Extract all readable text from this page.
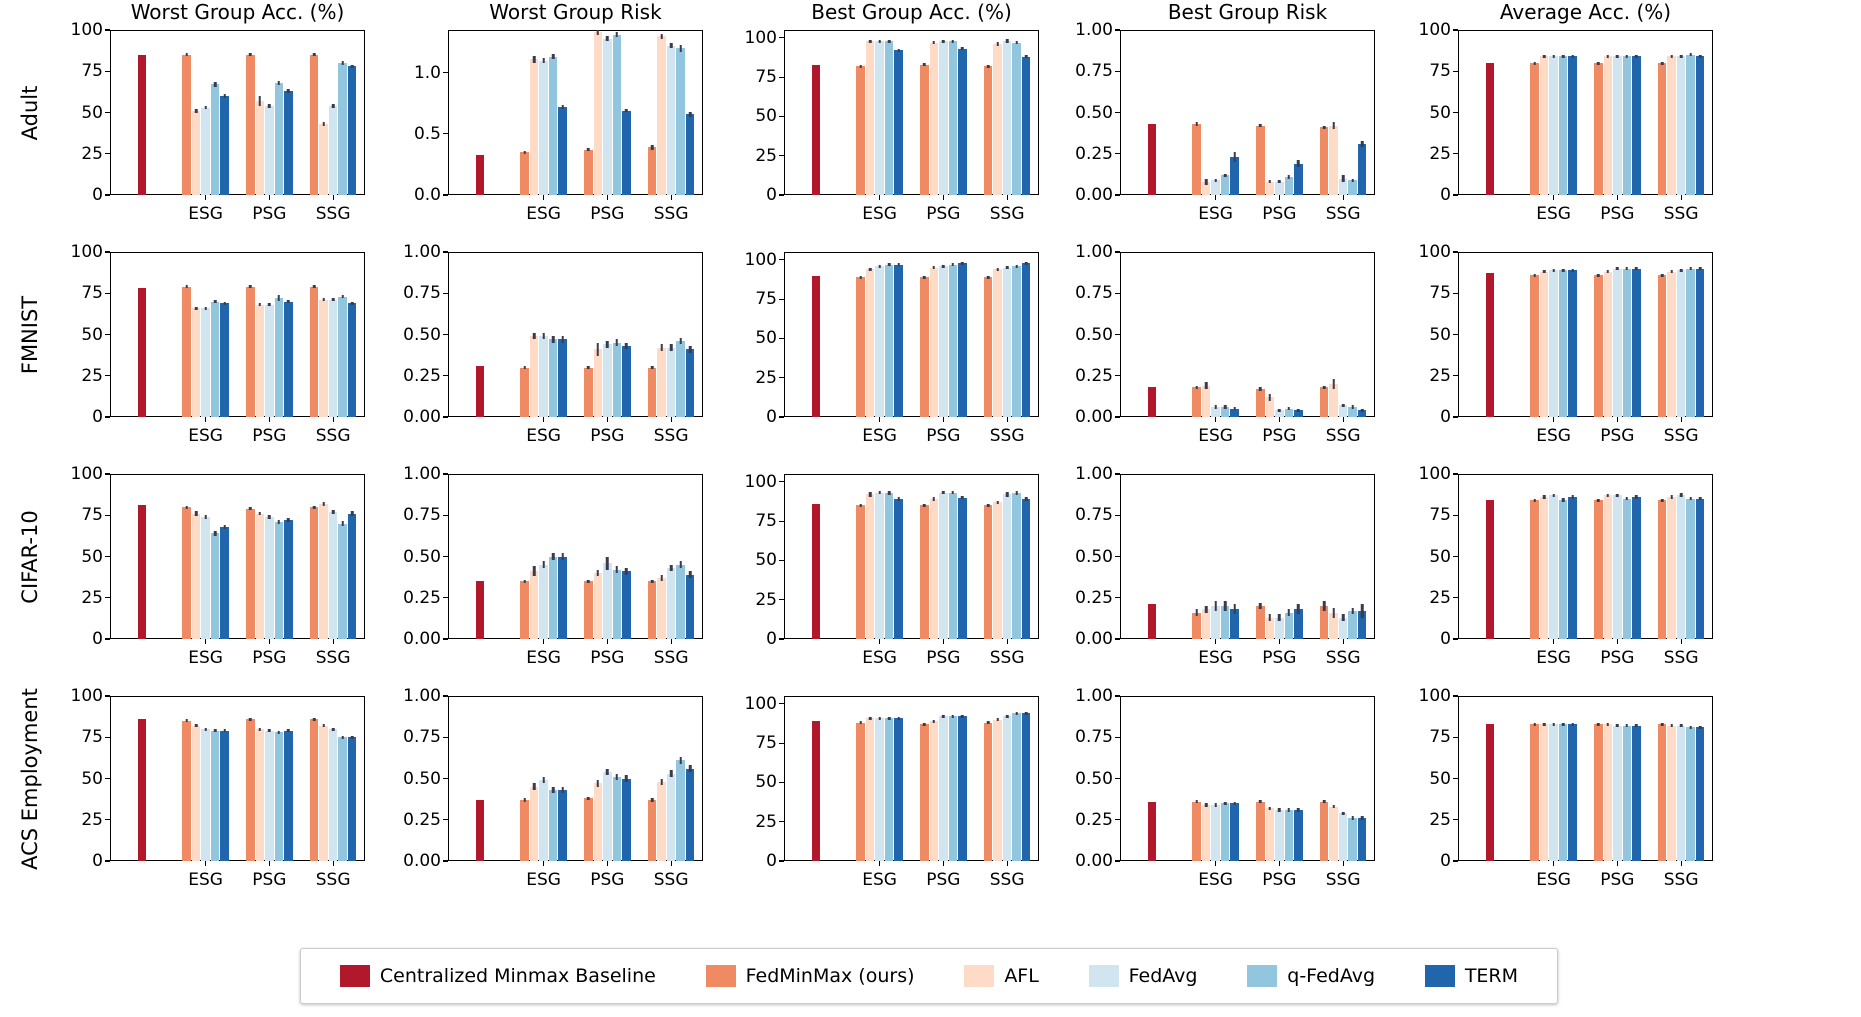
Adult
Worst Group Acc. (%)
0
25
50
75
100
ESG PSG SSG
Worst Group Risk
0.0
0.5
1.0
ESG PSG SSG
Best Group Acc. (%)
0
25
50
75
100
ESG PSG SSG
Best Group Risk
0.00
0.25
0.50
0.75
1.00
ESG PSG SSG
Average Acc. (%)
0
25
50
75
100
ESG PSG SSG
FMNIST
0
25
50
75
100
ESG PSG SSG
0.00
0.25
0.50
0.75
1.00
ESG PSG SSG
0
25
50
75
100
ESG PSG SSG
0.00
0.25
0.50
0.75
1.00
ESG PSG SSG
0
25
50
75
100
ESG PSG SSG
CIFAR-10
0
25
50
75
100
ESG PSG SSG
0.00
0.25
0.50
0.75
1.00
ESG PSG SSG
0
25
50
75
100
ESG PSG SSG
0.00
0.25
0.50
0.75
1.00
ESG PSG SSG
0
25
50
75
100
ESG PSG SSG
ACS Employment	0
25
50
75
100
ESG PSG SSG
0.00
0.25
0.50
0.75
1.00
ESG PSG SSG
0
25
50
75
100
ESG PSG SSG
0.00
0.25
0.50
0.75
1.00
ESG PSG SSG
0
25
50
75
100
ESG PSG SSG
Centralized Minmax Baseline	FedMinMax (ours)	AFL	FedAvg	q-FedAvg	TERM
